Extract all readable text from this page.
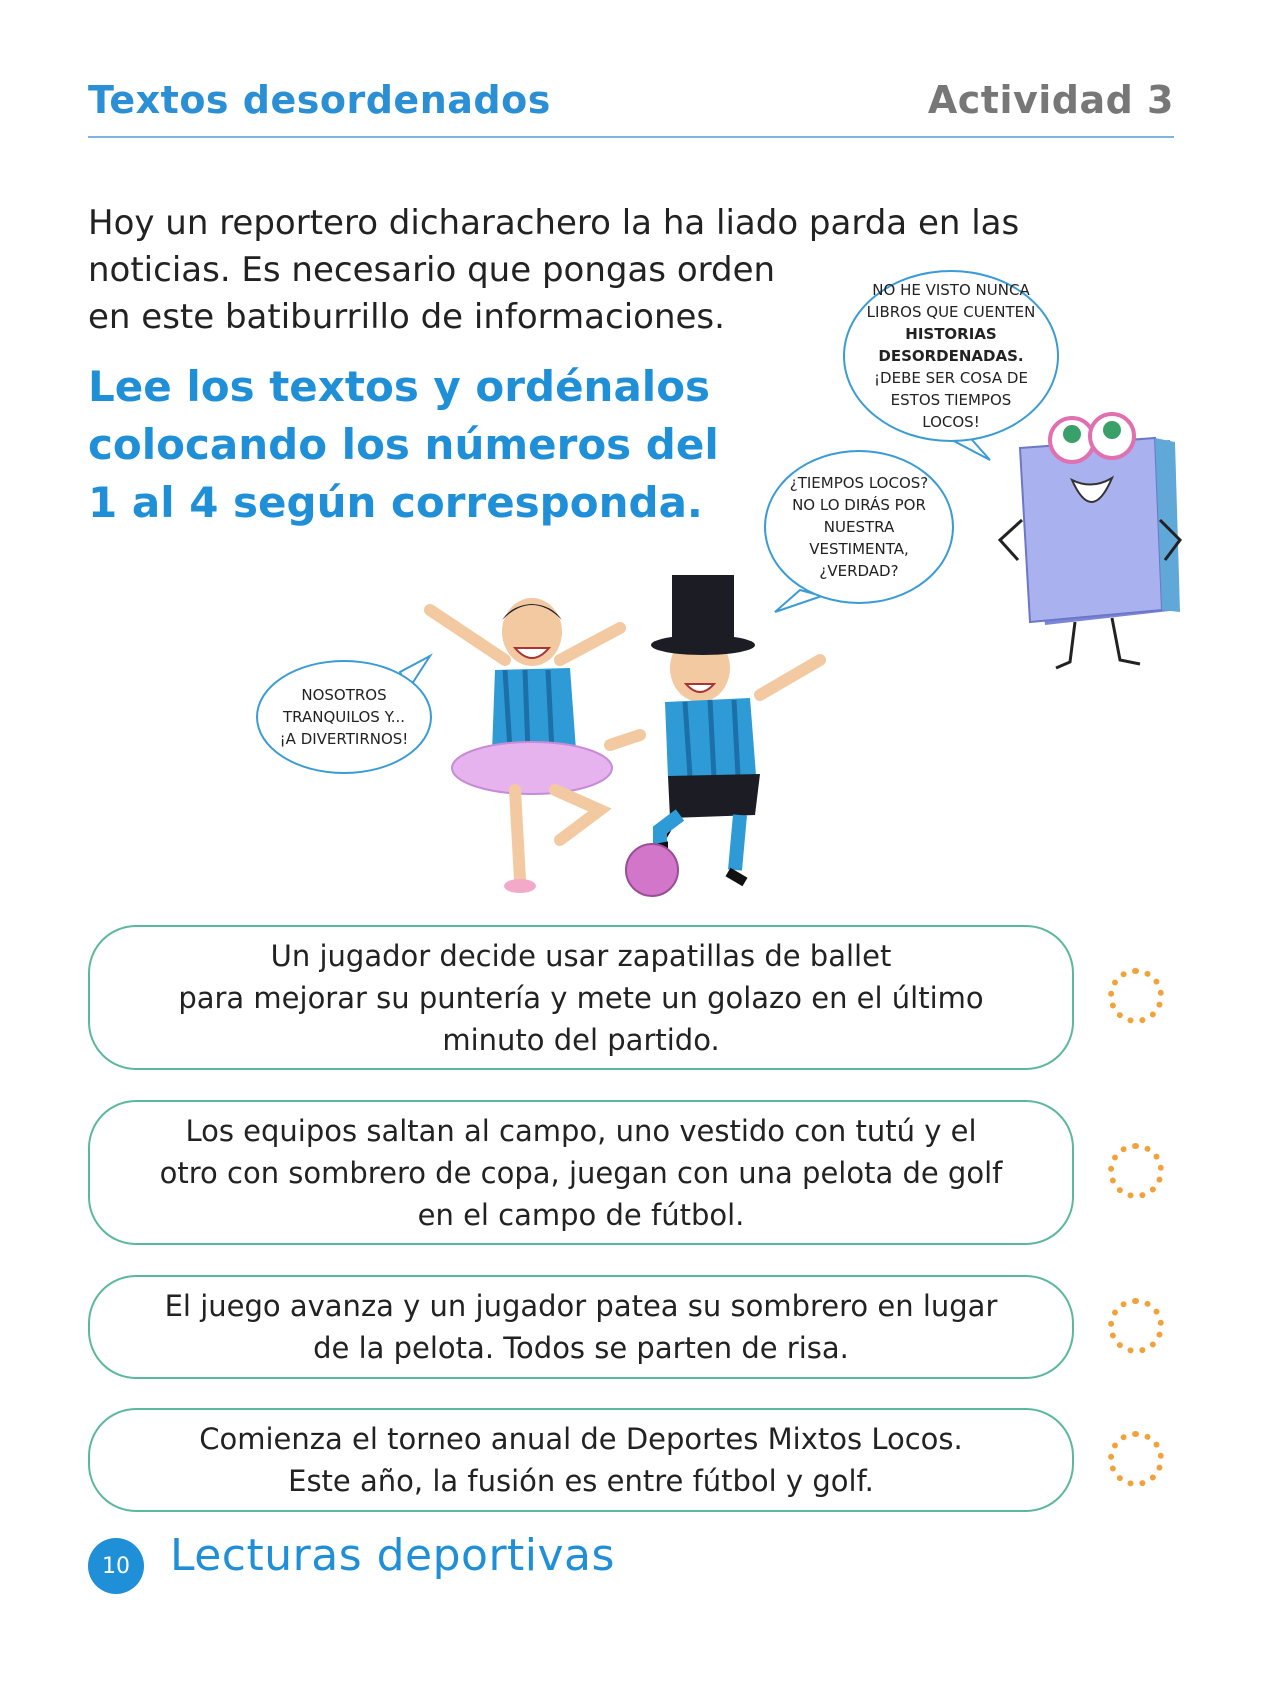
Textos desordenados	Actividad 3
Hoy un reportero dicharachero la ha liado parda en las
noticias. Es necesario que pongas orden
en este batiburrillo de informaciones.
Lee los textos y ordénalos
colocando los números del
1 al 4 según corresponda.
NO HE VISTO NUNCA LIBROS QUE CUENTEN HISTORIAS DESORDENADAS. ¡DEBE SER COSA DE ESTOS TIEMPOS LOCOS!
¿TIEMPOS LOCOS? NO LO DIRÁS POR NUESTRA VESTIMENTA, ¿VERDAD?
NOSOTROS TRANQUILOS Y... ¡A DIVERTIRNOS!
Un jugador decide usar zapatillas de ballet
para mejorar su puntería y mete un golazo en el último
minuto del partido.
Los equipos saltan al campo, uno vestido con tutú y el
otro con sombrero de copa, juegan con una pelota de golf
en el campo de fútbol.
El juego avanza y un jugador patea su sombrero en lugar
de la pelota. Todos se parten de risa.
Comienza el torneo anual de Deportes Mixtos Locos.
Este año, la fusión es entre fútbol y golf.
10 Lecturas deportivas
